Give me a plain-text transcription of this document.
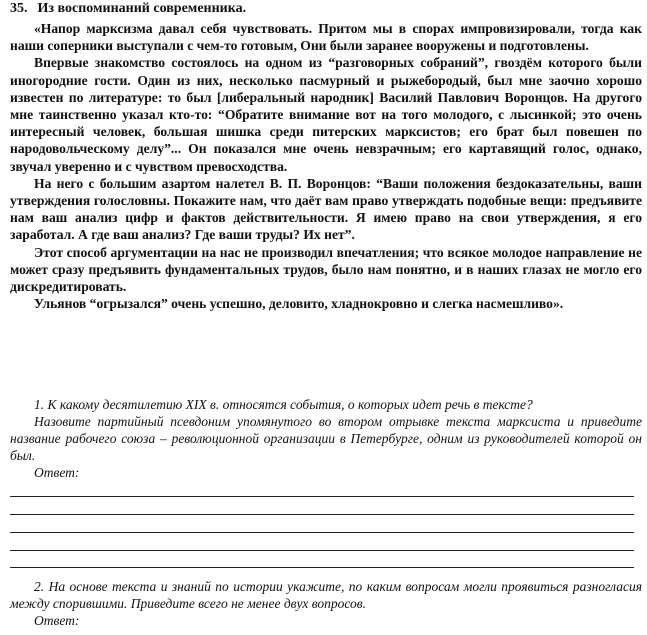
35. Из воспоминаний современника.

«Напор марксизма давал себя чувствовать. Притом мы в спорах импровизировали, тогда как наши соперники выступали с чем-то готовым, Они были заранее вооружены и подготовлены.

Впервые знакомство состоялось на одном из “разговорных собраний”, гвоздём которого были иногородние гости. Один из них, несколько пасмурный и рыжебородый, был мне заочно хорошо известен по литературе: то был [либеральный народник] Василий Павлович Воронцов. На другого мне таинственно указал кто-то: “Обратите внимание вот на того молодого, с лысинкой; это очень интересный человек, большая шишка среди питерских марксистов; его брат был повешен по народовольческому делу”... Он показался мне очень невзрачным; его картавящий голос, однако, звучал уверенно и с чувством превосходства.

На него с большим азартом налетел В. П. Воронцов: “Ваши положения бездоказательны, ваши утверждения голословны. Покажите нам, что даёт вам право утверждать подобные вещи: предъявите нам ваш анализ цифр и фактов действительности. Я имею право на свои утверждения, я его заработал. А где ваш анализ? Где ваши труды? Их нет”.

Этот способ аргументации на нас не производил впечатления; что всякое молодое направление не может сразу предъявить фундаментальных трудов, было нам понятно, и в наших глазах не могло его дискредитировать.

Ульянов “огрызался” очень успешно, деловито, хладнокровно и слегка насмешливо».

1. К какому десятилетию XIX в. относятся события, о которых идет речь в тексте?

Назовите партийный псевдоним упомянутого во втором отрывке текста марксиста и приведите название рабочего союза – революционной организации в Петербурге, одним из руководителей которой он был.

Ответ:

2. На основе текста и знаний по истории укажите, по каким вопросам могли проявиться разногласия между спорившими. Приведите всего не менее двух вопросов.

Ответ:
